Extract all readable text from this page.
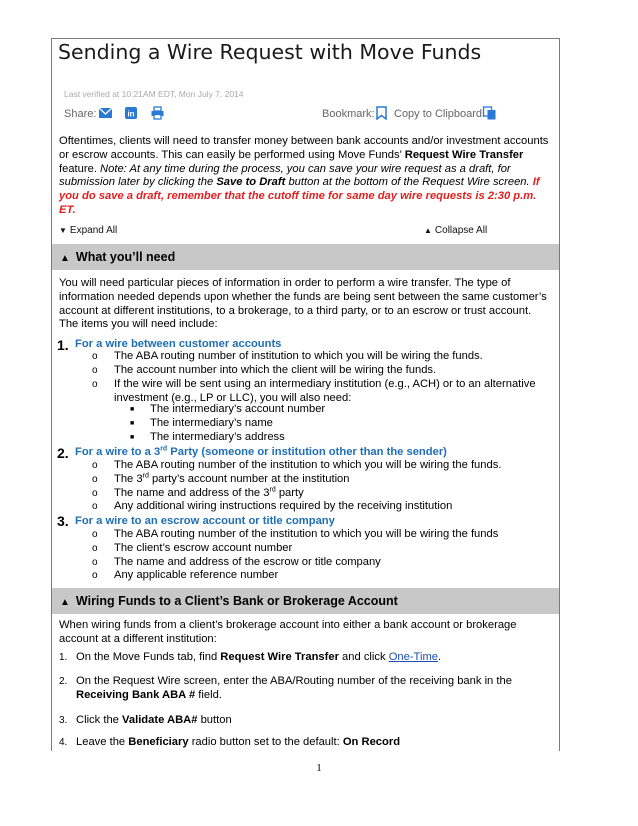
Sending a Wire Request with Move Funds
Last verified at 10:21AM EDT, Mon July 7, 2014
Share:	in	Bookmark: Copy to Clipboard:
Oftentimes, clients will need to transfer money between bank accounts and/or investment accounts or escrow accounts. This can easily be performed using Move Funds’ Request Wire Transfer feature. Note: At any time during the process, you can save your wire request as a draft, for submission later by clicking the Save to Draft button at the bottom of the Request Wire screen. If you do save a draft, remember that the cutoff time for same day wire requests is 2:30 p.m. ET.
▼ Expand All	▲ Collapse All
▲ What you’ll need
You will need particular pieces of information in order to perform a wire transfer. The type of information needed depends upon whether the funds are being sent between the same customer’s account at different institutions, to a brokerage, to a third party, or to an escrow or trust account. The items you will need include:
1. For a wire between customer accounts
o The ABA routing number of institution to which you will be wiring the funds.
o The account number into which the client will be wiring the funds.
o If the wire will be sent using an intermediary institution (e.g., ACH) or to an alternative investment (e.g., LP or LLC), you will also need:
■ The intermediary’s account number
■ The intermediary’s name
■ The intermediary’s address
2. For a wire to a 3rd Party (someone or institution other than the sender)
o The ABA routing number of the institution to which you will be wiring the funds.
o The 3rd party’s account number at the institution
o The name and address of the 3rd party
o Any additional wiring instructions required by the receiving institution
3. For a wire to an escrow account or title company
o The ABA routing number of the institution to which you will be wiring the funds
o The client’s escrow account number
o The name and address of the escrow or title company
o Any applicable reference number
▲ Wiring Funds to a Client’s Bank or Brokerage Account
When wiring funds from a client’s brokerage account into either a bank account or brokerage account at a different institution:
1. On the Move Funds tab, find Request Wire Transfer and click One-Time.
2. On the Request Wire screen, enter the ABA/Routing number of the receiving bank in the Receiving Bank ABA # field.
3. Click the Validate ABA# button
4. Leave the Beneficiary radio button set to the default: On Record
1
